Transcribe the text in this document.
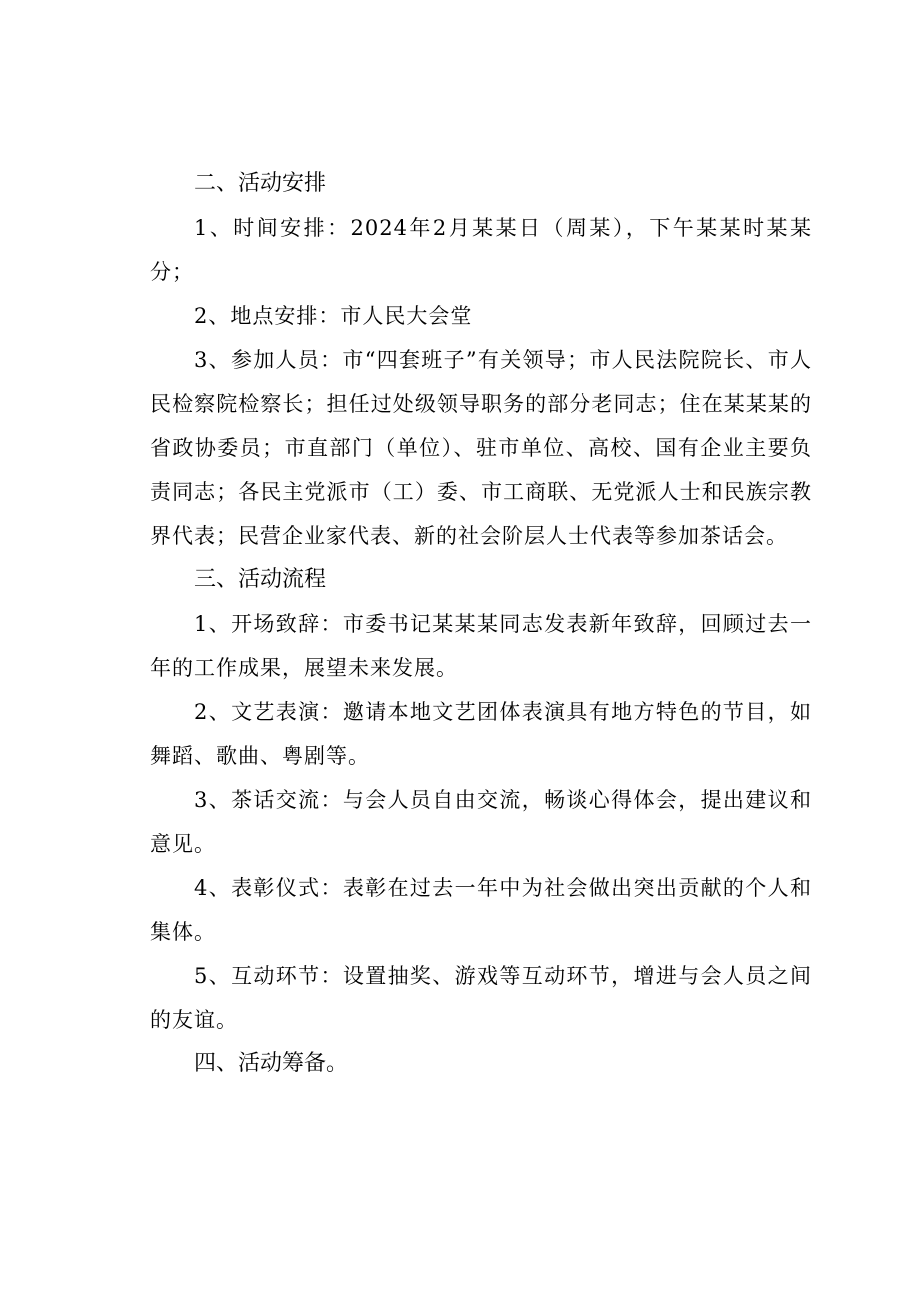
二、活动安排
1、时间安排：2024年2月某某日（周某），下午某某时某某分；
2、地点安排：市人民大会堂
3、参加人员：市“四套班子”有关领导；市人民法院院长、市人民检察院检察长；担任过处级领导职务的部分老同志；住在某某某的省政协委员；市直部门（单位）、驻市单位、高校、国有企业主要负责同志；各民主党派市（工）委、市工商联、无党派人士和民族宗教界代表；民营企业家代表、新的社会阶层人士代表等参加茶话会。
三、活动流程
1、开场致辞：市委书记某某某同志发表新年致辞，回顾过去一年的工作成果，展望未来发展。
2、文艺表演：邀请本地文艺团体表演具有地方特色的节目，如舞蹈、歌曲、粤剧等。
3、茶话交流：与会人员自由交流，畅谈心得体会，提出建议和意见。
4、表彰仪式：表彰在过去一年中为社会做出突出贡献的个人和集体。
5、互动环节：设置抽奖、游戏等互动环节，增进与会人员之间的友谊。
四、活动筹备。
